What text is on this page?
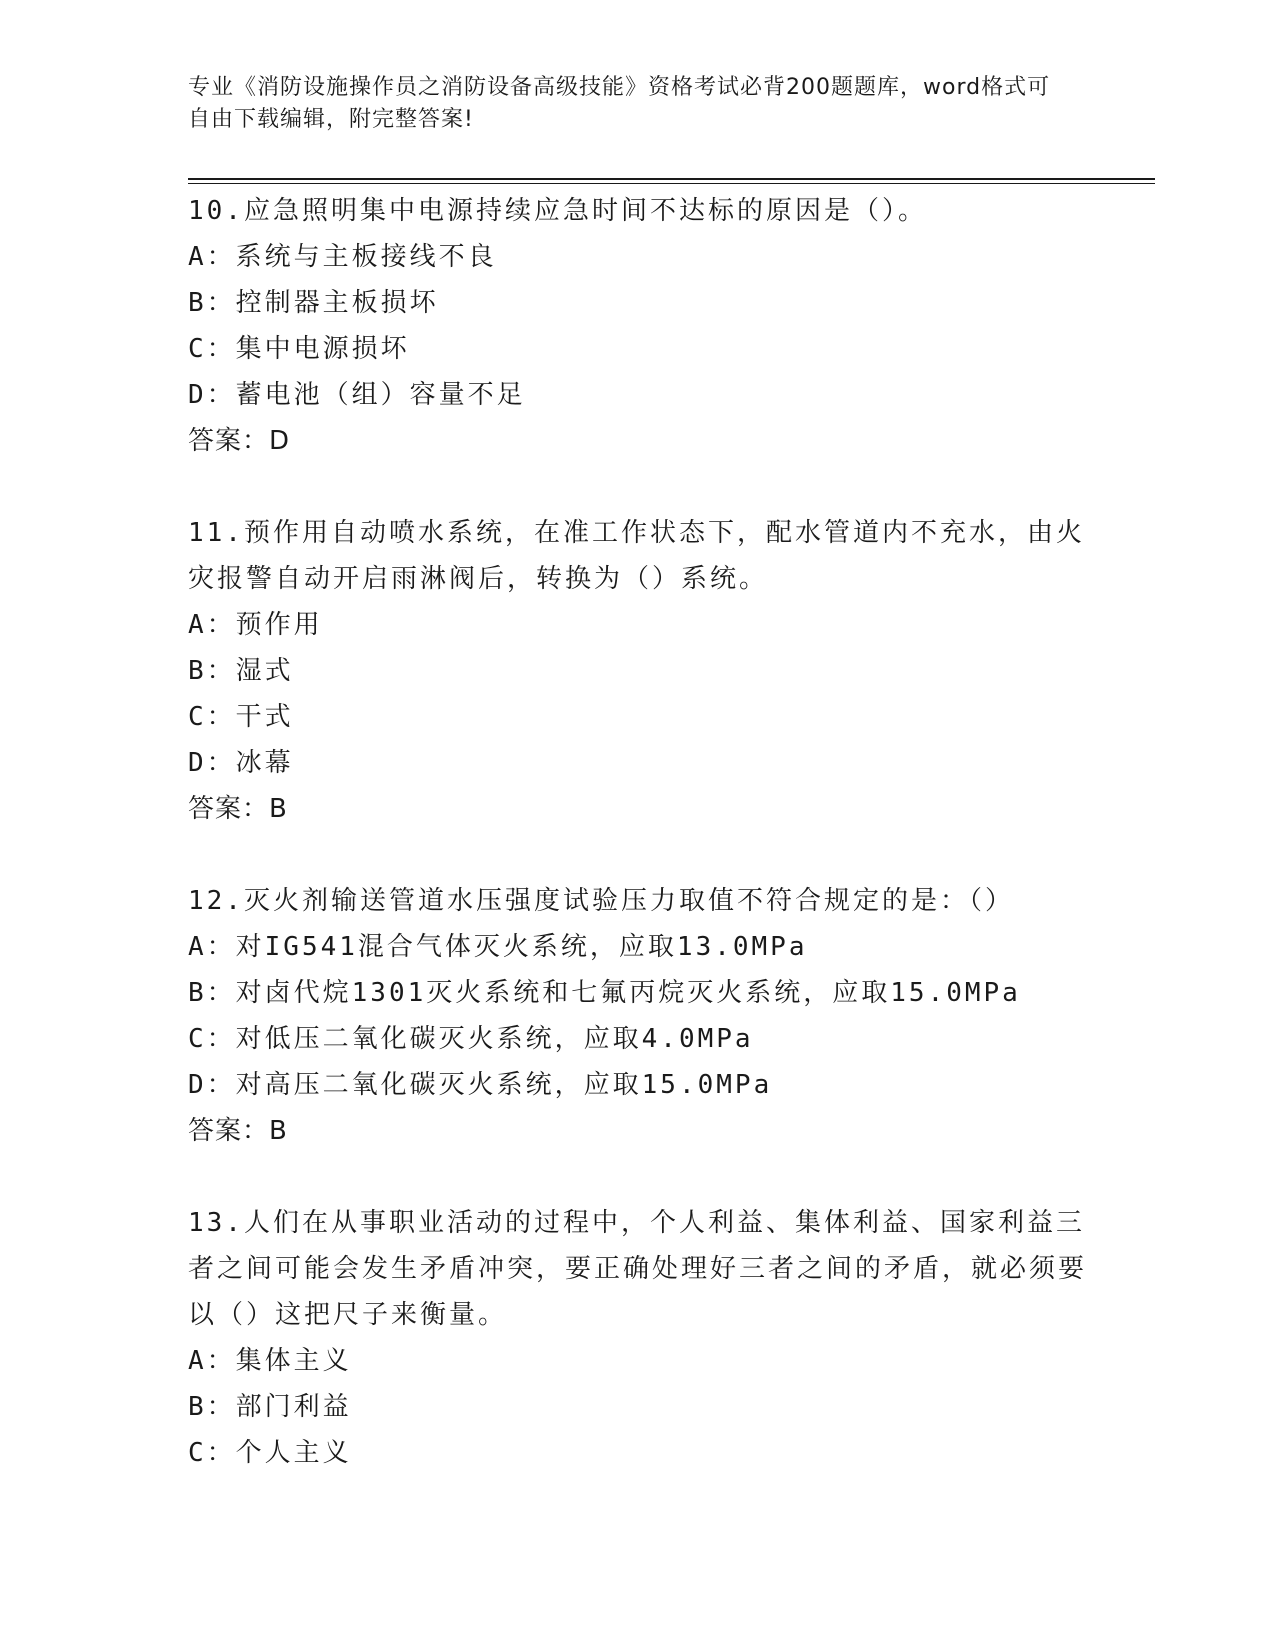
专业《消防设施操作员之消防设备高级技能》资格考试必背200题题库，word格式可自由下载编辑，附完整答案!
10.应急照明集中电源持续应急时间不达标的原因是（）。
A：系统与主板接线不良
B：控制器主板损坏
C：集中电源损坏
D：蓄电池（组）容量不足
答案：D
11.预作用自动喷水系统，在准工作状态下，配水管道内不充水，由火灾报警自动开启雨淋阀后，转换为（）系统。
A：预作用
B：湿式
C：干式
D：冰幕
答案：B
12.灭火剂输送管道水压强度试验压力取值不符合规定的是：（）
A：对IG541混合气体灭火系统，应取13.0MPa
B：对卤代烷1301灭火系统和七氟丙烷灭火系统，应取15.0MPa
C：对低压二氧化碳灭火系统，应取4.0MPa
D：对高压二氧化碳灭火系统，应取15.0MPa
答案：B
13.人们在从事职业活动的过程中，个人利益、集体利益、国家利益三者之间可能会发生矛盾冲突，要正确处理好三者之间的矛盾，就必须要以（）这把尺子来衡量。
A：集体主义
B：部门利益
C：个人主义
